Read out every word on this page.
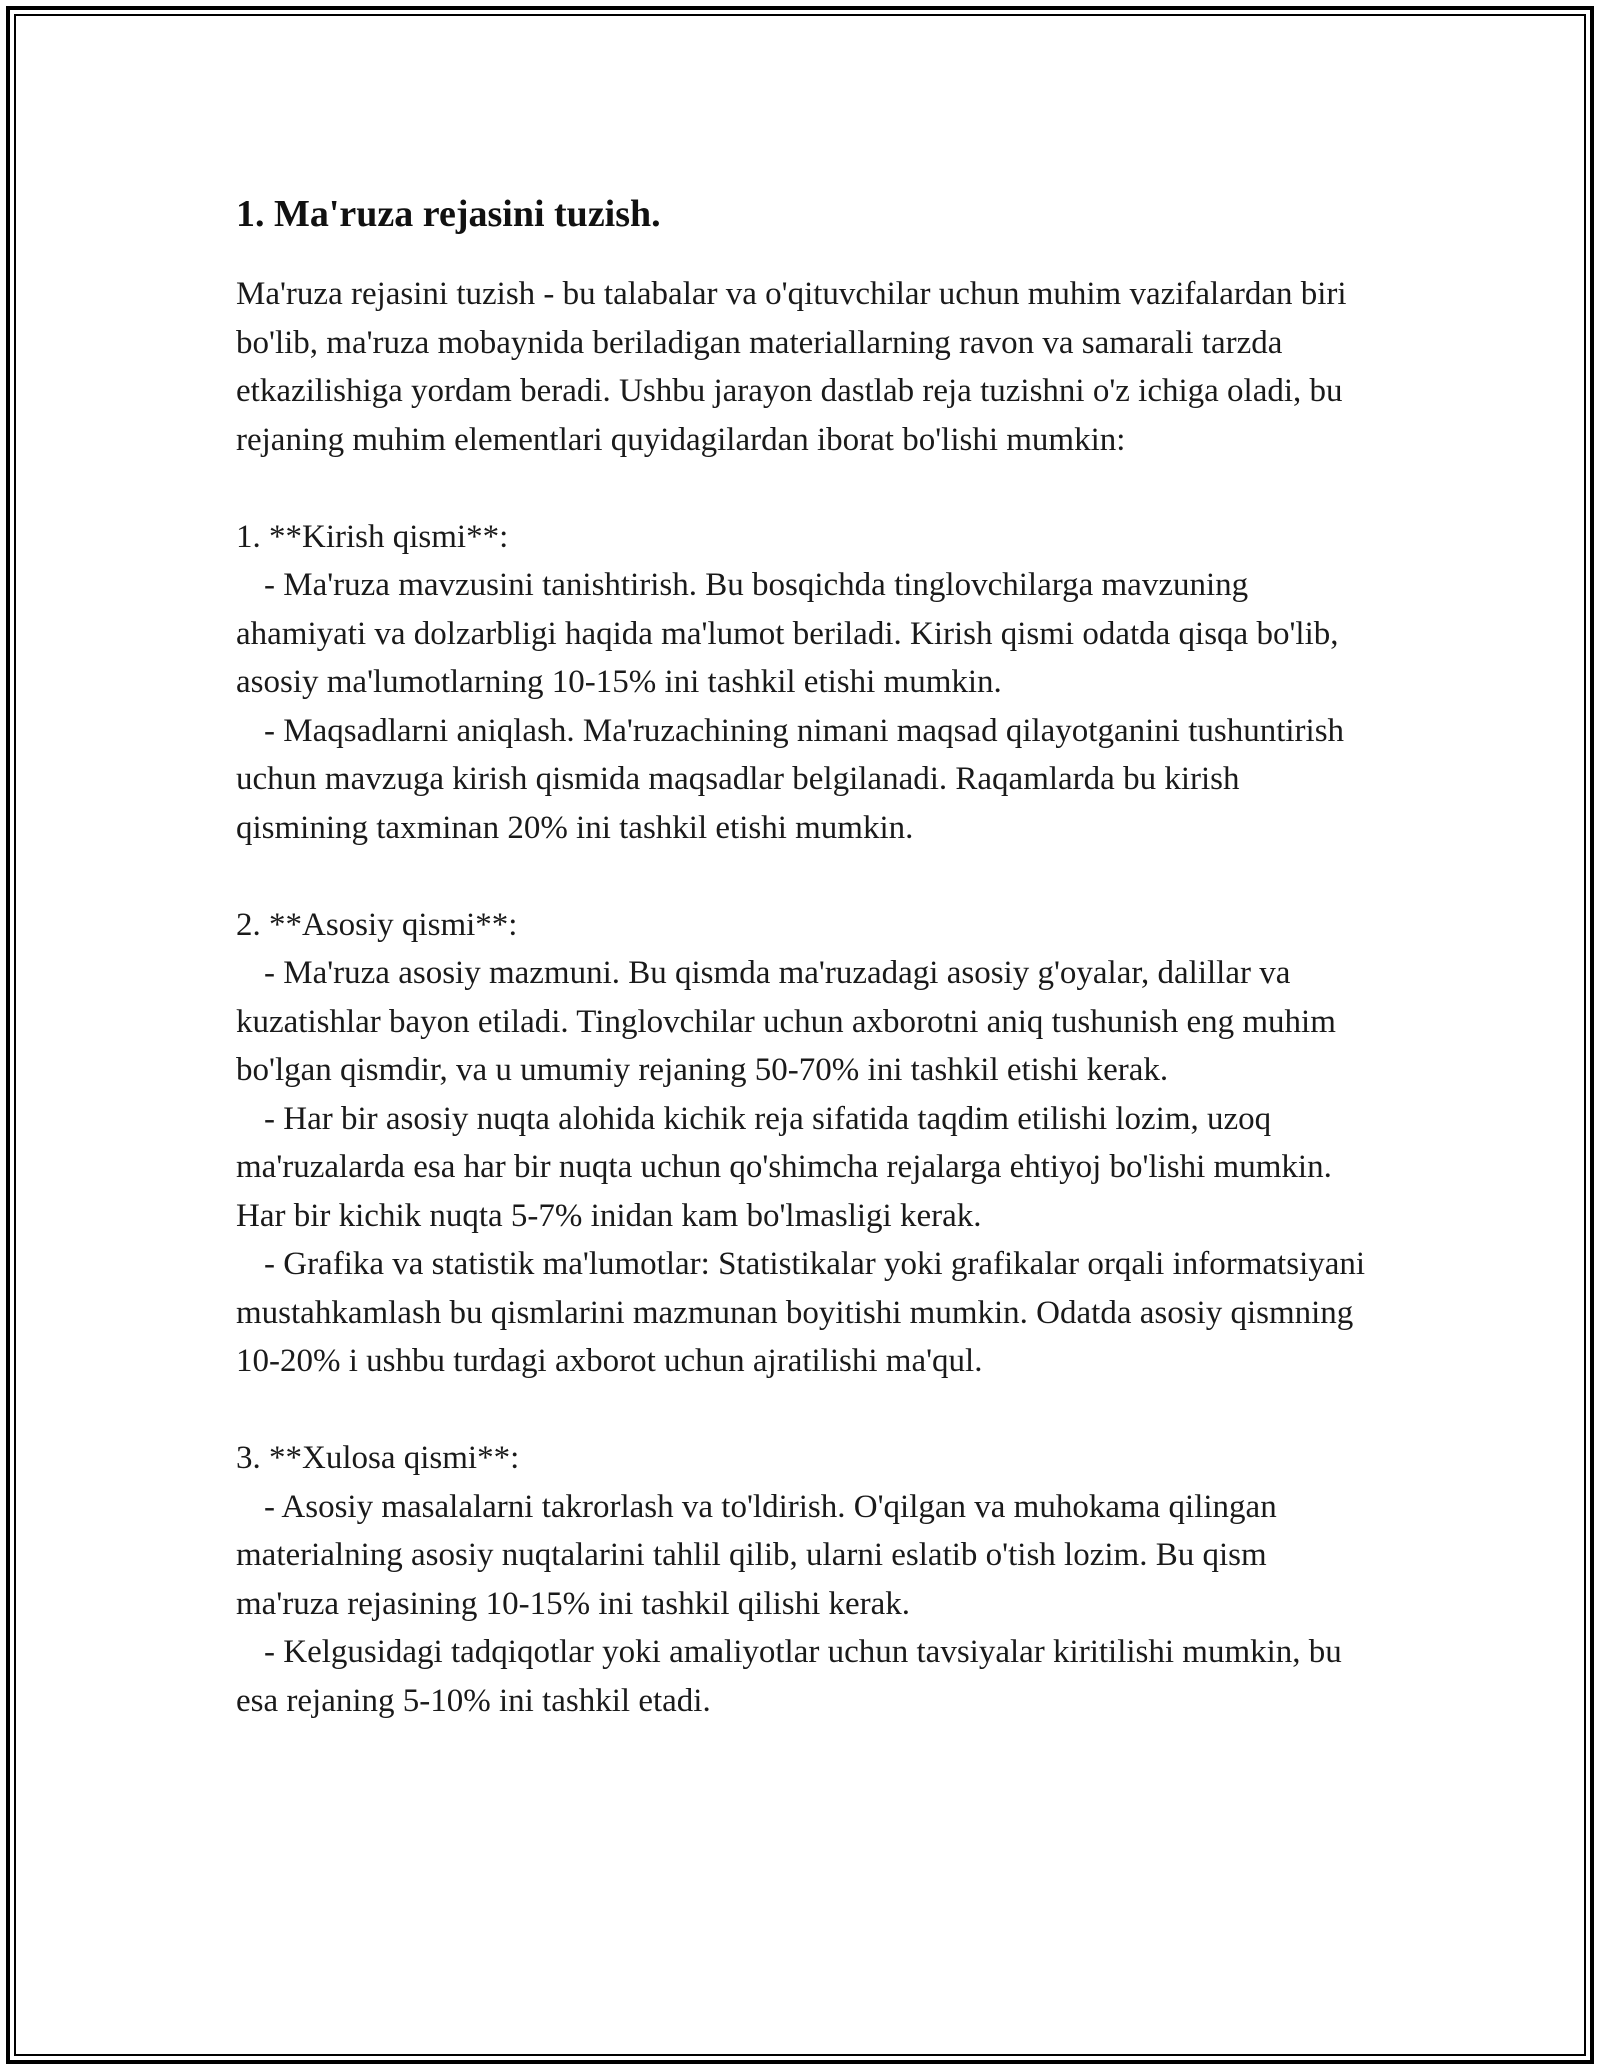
1. Ma'ruza rejasini tuzish.

Ma'ruza rejasini tuzish - bu talabalar va o'qituvchilar uchun muhim vazifalardan biri bo'lib, ma'ruza mobaynida beriladigan materiallarning ravon va samarali tarzda etkazilishiga yordam beradi. Ushbu jarayon dastlab reja tuzishni o'z ichiga oladi, bu rejaning muhim elementlari quyidagilardan iborat bo'lishi mumkin:

1. **Kirish qismi**:

- Ma'ruza mavzusini tanishtirish. Bu bosqichda tinglovchilarga mavzuning ahamiyati va dolzarbligi haqida ma'lumot beriladi. Kirish qismi odatda qisqa bo'lib, asosiy ma'lumotlarning 10-15% ini tashkil etishi mumkin.

- Maqsadlarni aniqlash. Ma'ruzachining nimani maqsad qilayotganini tushuntirish uchun mavzuga kirish qismida maqsadlar belgilanadi. Raqamlarda bu kirish qismining taxminan 20% ini tashkil etishi mumkin.

2. **Asosiy qismi**:

- Ma'ruza asosiy mazmuni. Bu qismda ma'ruzadagi asosiy g'oyalar, dalillar va kuzatishlar bayon etiladi. Tinglovchilar uchun axborotni aniq tushunish eng muhim bo'lgan qismdir, va u umumiy rejaning 50-70% ini tashkil etishi kerak.

- Har bir asosiy nuqta alohida kichik reja sifatida taqdim etilishi lozim, uzoq ma'ruzalarda esa har bir nuqta uchun qo'shimcha rejalarga ehtiyoj bo'lishi mumkin. Har bir kichik nuqta 5-7% inidan kam bo'lmasligi kerak.

- Grafika va statistik ma'lumotlar: Statistikalar yoki grafikalar orqali informatsiyani mustahkamlash bu qismlarini mazmunan boyitishi mumkin. Odatda asosiy qismning 10-20% i ushbu turdagi axborot uchun ajratilishi ma'qul.

3. **Xulosa qismi**:

- Asosiy masalalarni takrorlash va to'ldirish. O'qilgan va muhokama qilingan materialning asosiy nuqtalarini tahlil qilib, ularni eslatib o'tish lozim. Bu qism ma'ruza rejasining 10-15% ini tashkil qilishi kerak.

- Kelgusidagi tadqiqotlar yoki amaliyotlar uchun tavsiyalar kiritilishi mumkin, bu esa rejaning 5-10% ini tashkil etadi.
